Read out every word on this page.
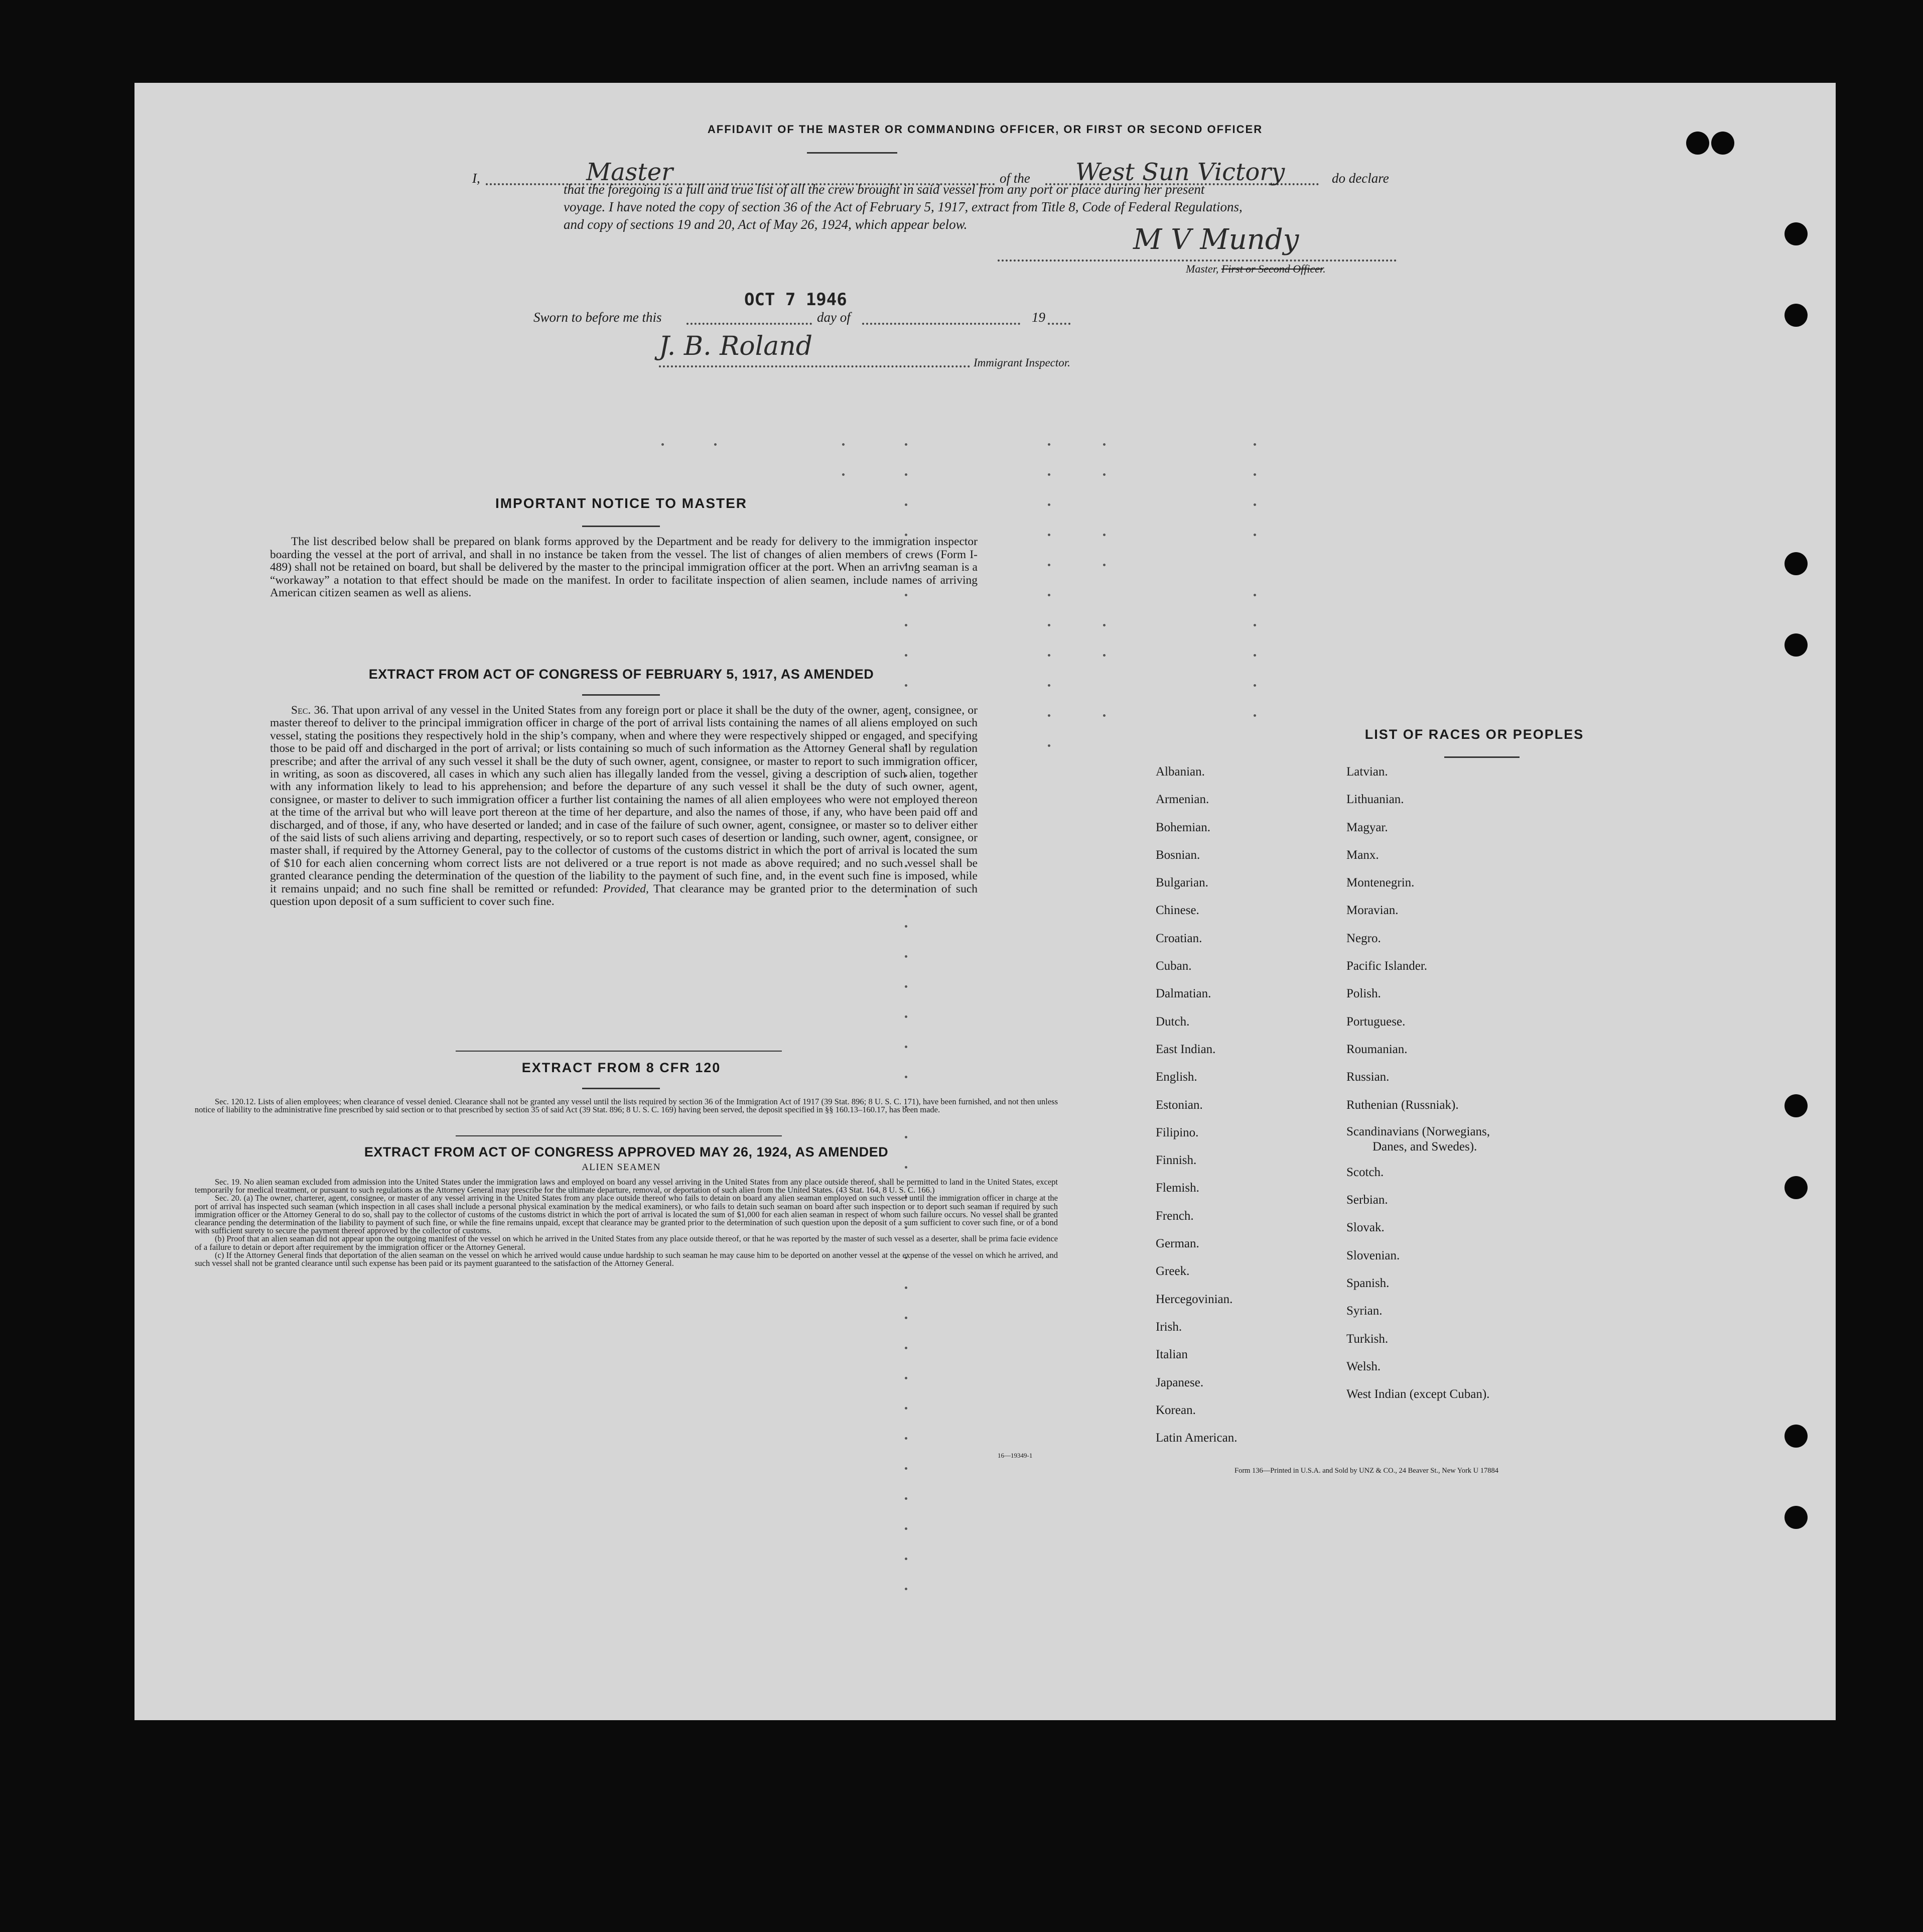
AFFIDAVIT OF THE MASTER OR COMMANDING OFFICER, OR FIRST OR SECOND OFFICER
I,	Master	of the West Sun Victory	do declare
that the foregoing is a full and true list of all the crew brought in said vessel from any port or place during her present
voyage. I have noted the copy of section 36 of the Act of February 5, 1917, extract from Title 8, Code of Federal Regulations,
and copy of sections 19 and 20, Act of May 26, 1924, which appear below.	M V Mundy
Master, First or Second Officer.
OCT 7 1946
Sworn to before me this	day of	19
J. B. Roland
Immigrant Inspector.
IMPORTANT NOTICE TO MASTER
The list described below shall be prepared on blank forms approved by the Department and be ready for delivery to the immigration inspector boarding the vessel at the port of arrival, and shall in no instance be taken from the vessel. The list of changes of alien members of crews (Form I-489) shall not be retained on board, but shall be delivered by the master to the principal immigration officer at the port. When an arriving seaman is a “workaway” a notation to that effect should be made on the manifest. In order to facilitate inspection of alien seamen, include names of arriving American citizen seamen as well as aliens.
EXTRACT FROM ACT OF CONGRESS OF FEBRUARY 5, 1917, AS AMENDED
Sec. 36. That upon arrival of any vessel in the United States from any foreign port or place it shall be the duty of the owner, agent, consignee, or master thereof to deliver to the principal immigration officer in charge of the port of arrival lists containing the names of all aliens employed on such vessel, stating the positions they respectively hold in the ship’s company, when and where they were respectively shipped or engaged, and specifying those to be paid off and discharged in the port of arrival; or lists containing so much of such information as the Attorney General shall by regulation prescribe; and after the arrival of any such vessel it shall be the duty of such owner, agent, consignee, or master to report to such immigration officer, in writing, as soon as discovered, all cases in which any such alien has illegally landed from the vessel, giving a description of such alien, together with any information likely to lead to his apprehension; and before the departure of any such vessel it shall be the duty of such owner, agent, consignee, or master to deliver to such immigration officer a further list containing the names of all alien employees who were not employed thereon at the time of the arrival but who will leave port thereon at the time of her departure, and also the names of those, if any, who have been paid off and discharged, and of those, if any, who have deserted or landed; and in case of the failure of such owner, agent, consignee, or master so to deliver either of the said lists of such aliens arriving and departing, respectively, or so to report such cases of desertion or landing, such owner, agent, consignee, or master shall, if required by the Attorney General, pay to the collector of customs of the customs district in which the port of arrival is located the sum of $10 for each alien concerning whom correct lists are not delivered or a true report is not made as above required; and no such vessel shall be granted clearance pending the determination of the question of the liability to the payment of such fine, and, in the event such fine is imposed, while it remains unpaid; and no such fine shall be remitted or refunded: Provided, That clearance may be granted prior to the determination of such question upon deposit of a sum sufficient to cover such fine.
EXTRACT FROM 8 CFR 120
Sec. 120.12. Lists of alien employees; when clearance of vessel denied. Clearance shall not be granted any vessel until the lists required by section 36 of the Immigration Act of 1917 (39 Stat. 896; 8 U. S. C. 171), have been furnished, and not then unless notice of liability to the administrative fine prescribed by said section or to that prescribed by section 35 of said Act (39 Stat. 896; 8 U. S. C. 169) having been served, the deposit specified in §§ 160.13–160.17, has been made.
EXTRACT FROM ACT OF CONGRESS APPROVED MAY 26, 1924, AS AMENDED
ALIEN SEAMEN
Sec. 19. No alien seaman excluded from admission into the United States under the immigration laws and employed on board any vessel arriving in the United States from any place outside thereof, shall be permitted to land in the United States, except temporarily for medical treatment, or pursuant to such regulations as the Attorney General may prescribe for the ultimate departure, removal, or deportation of such alien from the United States. (43 Stat. 164, 8 U. S. C. 166.)
Sec. 20. (a) The owner, charterer, agent, consignee, or master of any vessel arriving in the United States from any place outside thereof who fails to detain on board any alien seaman employed on such vessel until the immigration officer in charge at the port of arrival has inspected such seaman (which inspection in all cases shall include a personal physical examination by the medical examiners), or who fails to detain such seaman on board after such inspection or to deport such seaman if required by such immigration officer or the Attorney General to do so, shall pay to the collector of customs of the customs district in which the port of arrival is located the sum of $1,000 for each alien seaman in respect of whom such failure occurs. No vessel shall be granted clearance pending the determination of the liability to payment of such fine, or while the fine remains unpaid, except that clearance may be granted prior to the determination of such question upon the deposit of a sum sufficient to cover such fine, or of a bond with sufficient surety to secure the payment thereof approved by the collector of customs.
(b) Proof that an alien seaman did not appear upon the outgoing manifest of the vessel on which he arrived in the United States from any place outside thereof, or that he was reported by the master of such vessel as a deserter, shall be prima facie evidence of a failure to detain or deport after requirement by the immigration officer or the Attorney General.
(c) If the Attorney General finds that deportation of the alien seaman on the vessel on which he arrived would cause undue hardship to such seaman he may cause him to be deported on another vessel at the expense of the vessel on which he arrived, and such vessel shall not be granted clearance until such expense has been paid or its payment guaranteed to the satisfaction of the Attorney General.
16—19349-1
LIST OF RACES OR PEOPLES
Albanian.
Armenian.
Bohemian.
Bosnian.
Bulgarian.
Chinese.
Croatian.
Cuban.
Dalmatian.
Dutch.
East Indian.
English.
Estonian.
Filipino.
Finnish.
Flemish.
French.
German.
Greek.
Hercegovinian.
Irish.
Italian
Japanese.
Korean.
Latin American.
Latvian.
Lithuanian.
Magyar.
Manx.
Montenegrin.
Moravian.
Negro.
Pacific Islander.
Polish.
Portuguese.
Roumanian.
Russian.
Ruthenian (Russniak).
Scandinavians (Norwegians,
Danes, and Swedes).
Scotch.
Serbian.
Slovak.
Slovenian.
Spanish.
Syrian.
Turkish.
Welsh.
West Indian (except Cuban).
Form 136—Printed in U.S.A. and Sold by UNZ & CO., 24 Beaver St., New York U 17884
